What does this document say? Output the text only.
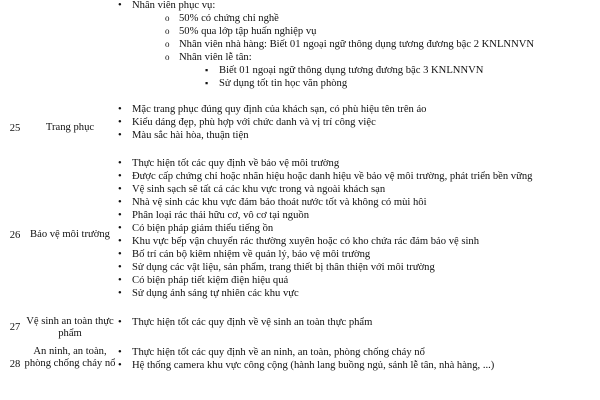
•Nhân viên phục vụ:
o50% có chứng chỉ nghề
o50% qua lớp tập huấn nghiệp vụ
oNhân viên nhà hàng: Biết 01 ngoại ngữ thông dụng tương đương bậc 2 KNLNNVN
oNhân viên lễ tân:
▪Biết 01 ngoại ngữ thông dụng tương đương bậc 3 KNLNNVN
▪Sử dụng tốt tin học văn phòng
25	Trang phục
•Mặc trang phục đúng quy định của khách sạn, có phù hiệu tên trên áo
•Kiểu dáng đẹp, phù hợp với chức danh và vị trí công việc
•Màu sắc hài hòa, thuận tiện
26 Bảo vệ môi trường
•Thực hiện tốt các quy định về bảo vệ môi trường
•Được cấp chứng chỉ hoặc nhãn hiệu hoặc danh hiệu về bảo vệ môi trường, phát triển bền vững
•Vệ sinh sạch sẽ tất cả các khu vực trong và ngoài khách sạn
•Nhà vệ sinh các khu vực đảm bảo thoát nước tốt và không có mùi hôi
•Phân loại rác thải hữu cơ, vô cơ tại nguồn
•Có biện pháp giảm thiểu tiếng ồn
•Khu vực bếp vận chuyển rác thường xuyên hoặc có kho chứa rác đảm bảo vệ sinh
•Bố trí cán bộ kiêm nhiệm về quản lý, bảo vệ môi trường
•Sử dụng các vật liệu, sản phẩm, trang thiết bị thân thiện với môi trường
•Có biện pháp tiết kiệm điện hiệu quả
•Sử dụng ánh sáng tự nhiên các khu vực
27
Vệ sinh an toàn thực phẩm
•Thực hiện tốt các quy định về vệ sinh an toàn thực phẩm
28
An ninh, an toàn, phòng chống cháy nổ
•Thực hiện tốt các quy định về an ninh, an toàn, phòng chống cháy nổ
•Hệ thống camera khu vực công cộng (hành lang buồng ngủ, sảnh lễ tân, nhà hàng, ...)
